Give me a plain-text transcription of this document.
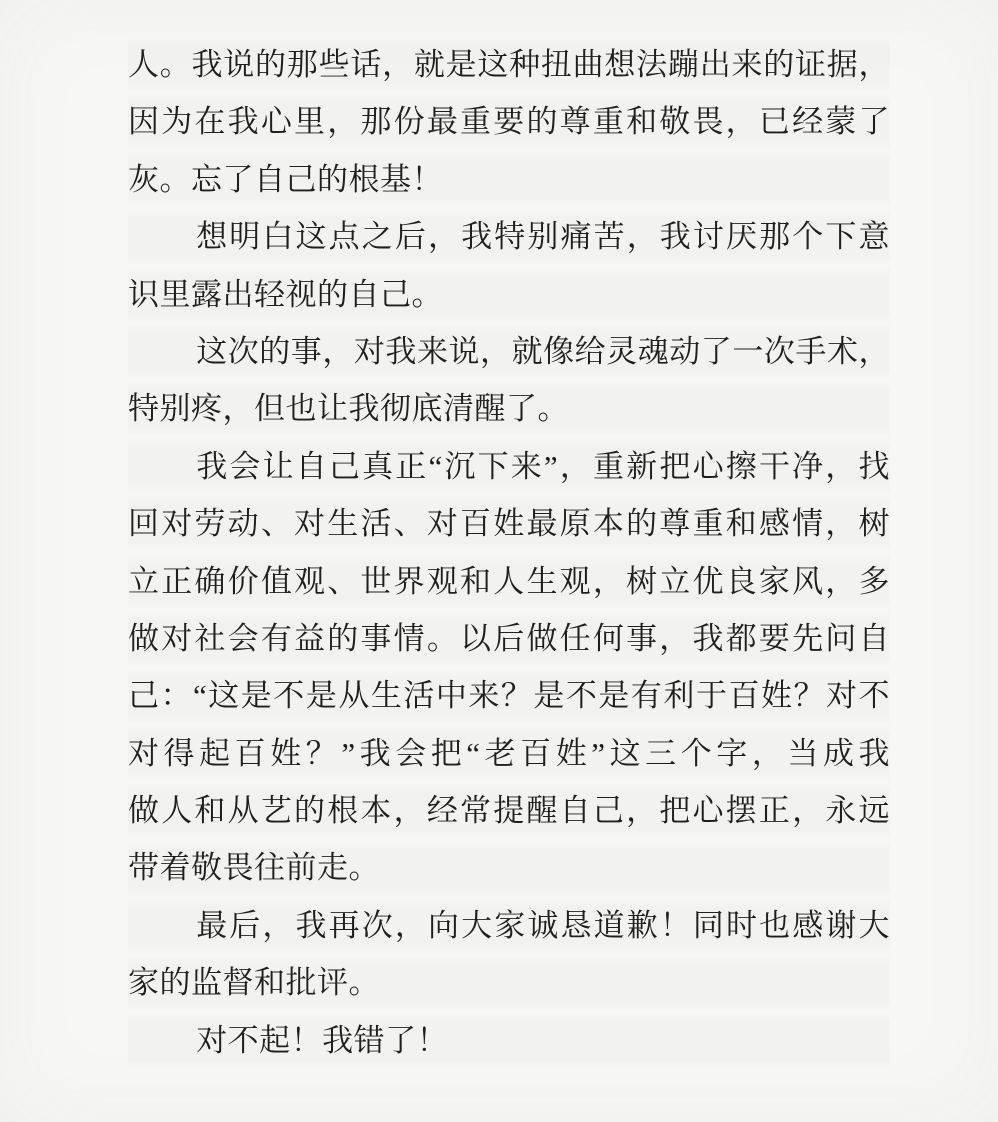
人。我说的那些话，就是这种扭曲想法蹦出来的证据，
因为在我心里，那份最重要的尊重和敬畏，已经蒙了
灰。忘了自己的根基！
想明白这点之后，我特别痛苦，我讨厌那个下意
识里露出轻视的自己。
这次的事，对我来说，就像给灵魂动了一次手术，
特别疼，但也让我彻底清醒了。
我会让自己真正“沉下来”，重新把心擦干净，找
回对劳动、对生活、对百姓最原本的尊重和感情，树
立正确价值观、世界观和人生观，树立优良家风，多
做对社会有益的事情。以后做任何事，我都要先问自
己：“这是不是从生活中来？是不是有利于百姓？对不
对得起百姓？”我会把“老百姓”这三个字，当成我
做人和从艺的根本，经常提醒自己，把心摆正，永远
带着敬畏往前走。
最后，我再次，向大家诚恳道歉！同时也感谢大
家的监督和批评。
对不起！我错了！
